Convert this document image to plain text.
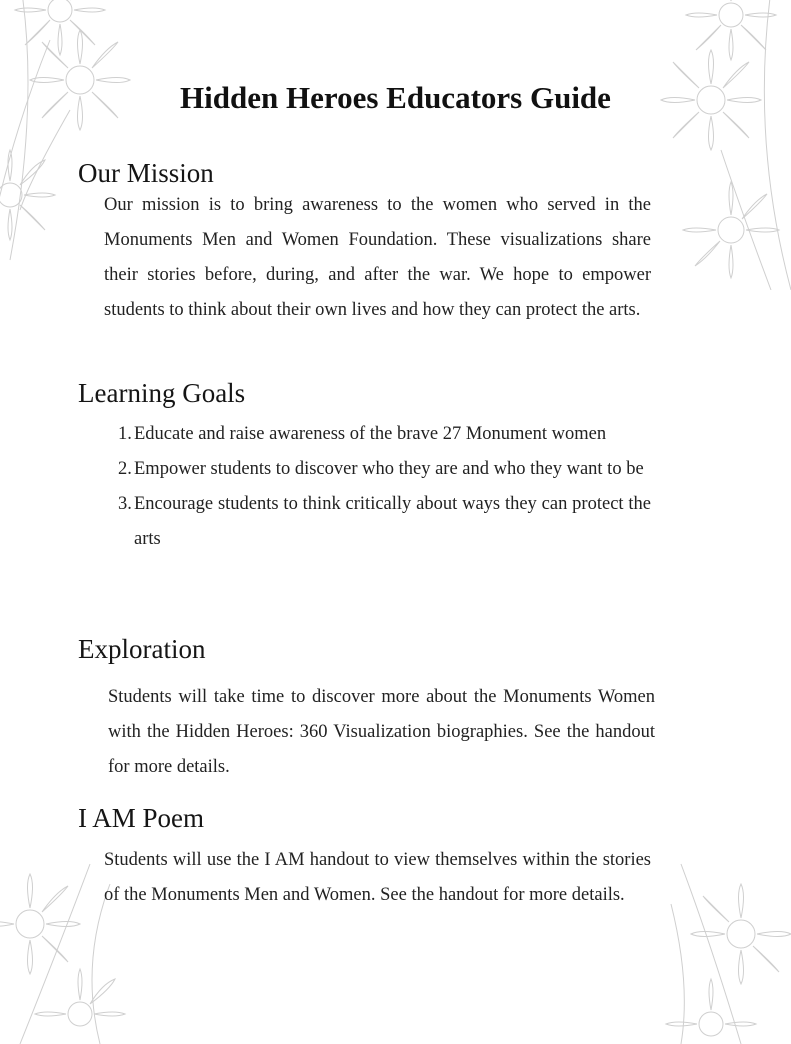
Hidden Heroes Educators Guide
Our Mission

Our mission is to bring awareness to the women who served in the Monuments Men and Women Foundation. These visualizations share their stories before, during, and after the war. We hope to empower students to think about their own lives and how they can protect the arts.

Learning Goals
1. Educate and raise awareness of the brave 27 Monument women
2. Empower students to discover who they are and who they want to be
3. Encourage students to think critically about ways they can protect the arts
Exploration

Students will take time to discover more about the Monuments Women with the Hidden Heroes: 360 Visualization biographies. See the handout for more details.

I AM Poem

Students will use the I AM handout to view themselves within the stories of the Monuments Men and Women. See the handout for more details.
